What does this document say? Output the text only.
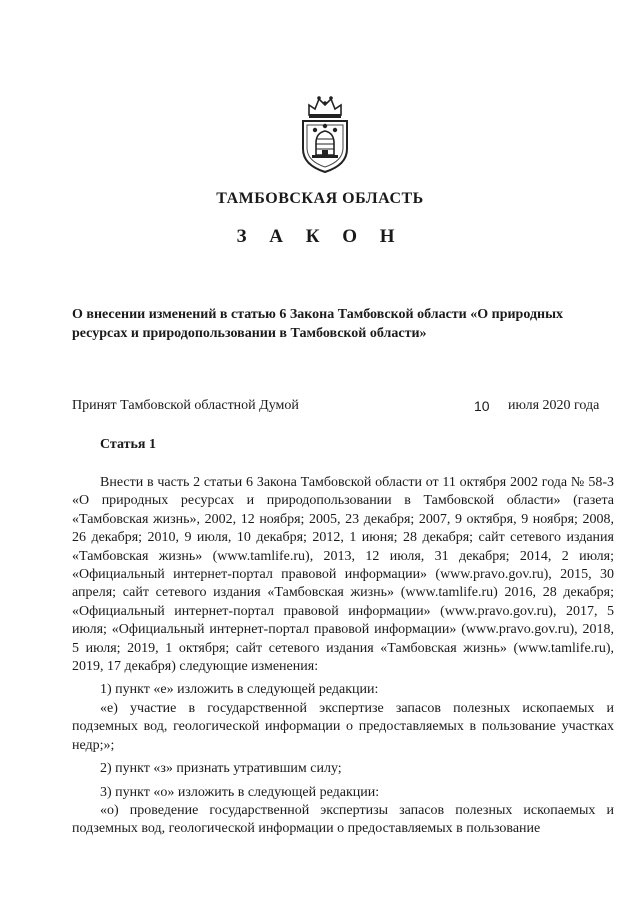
ТАМБОВСКАЯ ОБЛАСТЬ
З А К О Н
О внесении изменений в статью 6 Закона Тамбовской области «О природных ресурсах и природопользовании в Тамбовской области»
Принят Тамбовской областной Думой	10 июля 2020 года
Статья 1

Внести в часть 2 статьи 6 Закона Тамбовской области от 11 октября 2002 года № 58-З «О природных ресурсах и природопользовании в Тамбовской области» (газета «Тамбовская жизнь», 2002, 12 ноября; 2005, 23 декабря; 2007, 9 октября, 9 ноября; 2008, 26 декабря; 2010, 9 июля, 10 декабря; 2012, 1 июня; 28 декабря; сайт сетевого издания «Тамбовская жизнь» (www.tamlife.ru), 2013, 12 июля, 31 декабря; 2014, 2 июля; «Официальный интернет-портал правовой информации» (www.pravo.gov.ru), 2015, 30 апреля; сайт сетевого издания «Тамбовская жизнь» (www.tamlife.ru) 2016, 28 декабря; «Официальный интернет-портал правовой информации» (www.pravo.gov.ru), 2017, 5 июля; «Официальный интернет-портал правовой информации» (www.pravo.gov.ru), 2018, 5 июля; 2019, 1 октября; сайт сетевого издания «Тамбовская жизнь» (www.tamlife.ru), 2019, 17 декабря) следующие изменения:

1) пункт «е» изложить в следующей редакции:

«е) участие в государственной экспертизе запасов полезных ископаемых и подземных вод, геологической информации о предоставляемых в пользование участках недр;»;

2) пункт «з» признать утратившим силу;

3) пункт «о» изложить в следующей редакции:

«о) проведение государственной экспертизы запасов полезных ископаемых и подземных вод, геологической информации о предоставляемых в пользование
